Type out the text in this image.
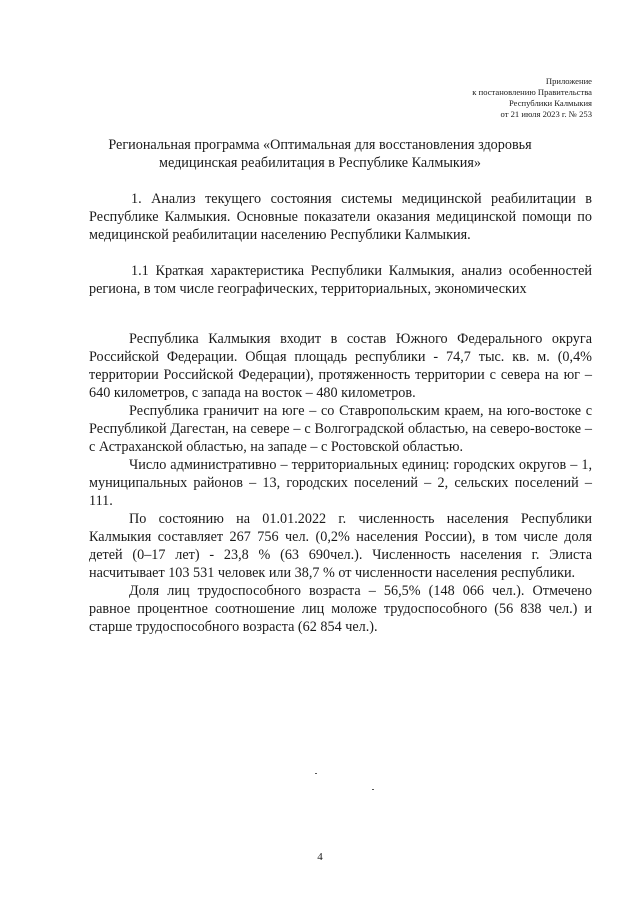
Приложение
к постановлению Правительства
Республики Калмыкия
от 21 июля 2023 г. № 253
Региональная программа «Оптимальная для восстановления здоровья
медицинская реабилитация в Республике Калмыкия»
1. Анализ текущего состояния системы медицинской реабилитации в Республике Калмыкия. Основные показатели оказания медицинской помощи по медицинской реабилитации населению Республики Калмыкия.
1.1 Краткая характеристика Республики Калмыкия, анализ особенностей региона, в том числе географических, территориальных, экономических

Республика Калмыкия входит в состав Южного Федерального округа Российской Федерации. Общая площадь республики - 74,7 тыс. кв. м. (0,4% территории Российской Федерации), протяженность территории с севера на юг – 640 километров, с запада на восток – 480 километров.

Республика граничит на юге – со Ставропольским краем, на юго-востоке с Республикой Дагестан, на севере – с Волгоградской областью, на северо-востоке – с Астраханской областью, на западе – с Ростовской областью.

Число административно – территориальных единиц: городских округов – 1, муниципальных районов – 13, городских поселений – 2, сельских поселений – 111.

По состоянию на 01.01.2022 г. численность населения Республики Калмыкия составляет 267 756 чел. (0,2% населения России), в том числе доля детей (0–17 лет) - 23,8 % (63 690чел.). Численность населения г. Элиста насчитывает 103 531 человек или 38,7 % от численности населения республики.

Доля лиц трудоспособного возраста – 56,5% (148 066 чел.). Отмечено равное процентное соотношение лиц моложе трудоспособного (56 838 чел.) и старше трудоспособного возраста (62 854 чел.).

4
